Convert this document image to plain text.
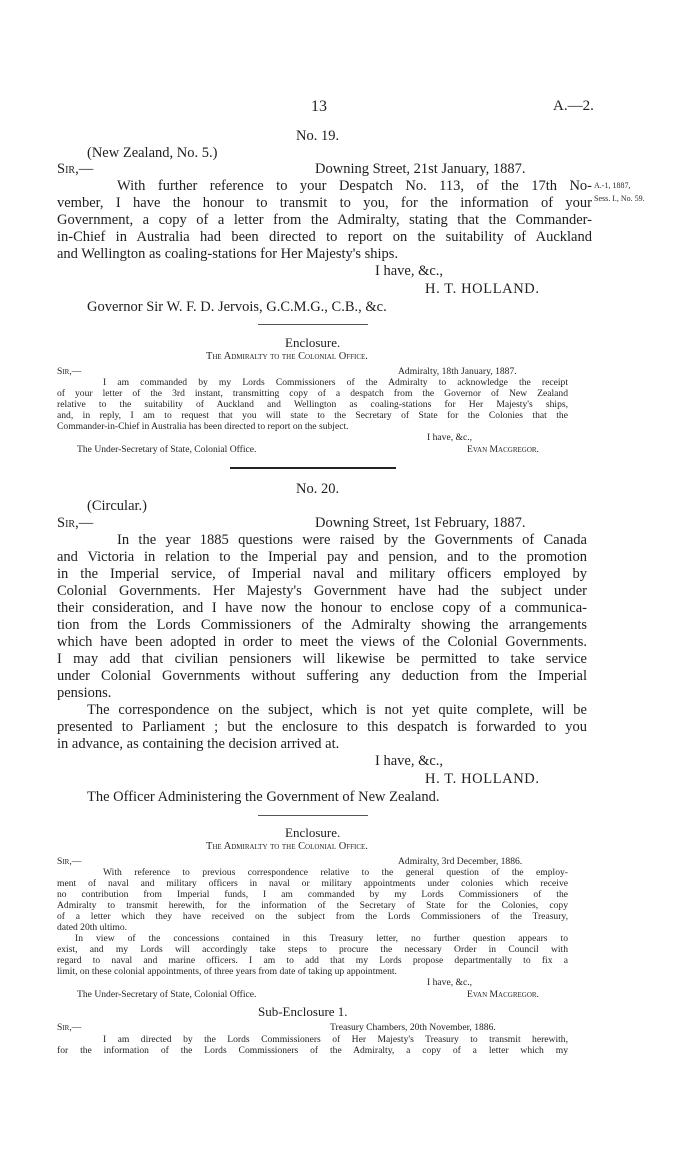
13	A.—2.
No. 19.
(New Zealand, No. 5.)
Sir,—	Downing Street, 21st January, 1887.
With further reference to your Despatch No. 113, of the 17th No-
vember, I have the honour to transmit to you, for the information of your
Government, a copy of a letter from the Admiralty, stating that the Commander-
in-Chief in Australia had been directed to report on the suitability of Auckland
and Wellington as coaling-stations for Her Majesty's ships.
A.-1, 1887,
Sess. I., No. 59.
I have, &c.,
H. T. HOLLAND.
Governor Sir W. F. D. Jervois, G.C.M.G., C.B., &c.
Enclosure.
The Admiralty to the Colonial Office.
Sir,—	Admiralty, 18th January, 1887.
I am commanded by my Lords Commissioners of the Admiralty to acknowledge the receipt
of your letter of the 3rd instant, transmitting copy of a despatch from the Governor of New Zealand
relative to the suitability of Auckland and Wellington as coaling-stations for Her Majesty's ships,
and, in reply, I am to request that you will state to the Secretary of State for the Colonies that the
Commander-in-Chief in Australia has been directed to report on the subject.
I have, &c.,
The Under-Secretary of State, Colonial Office.	Evan Macgregor.
No. 20.
(Circular.)
Sir,—	Downing Street, 1st February, 1887.
In the year 1885 questions were raised by the Governments of Canada
and Victoria in relation to the Imperial pay and pension, and to the promotion
in the Imperial service, of Imperial naval and military officers employed by
Colonial Governments. Her Majesty's Government have had the subject under
their consideration, and I have now the honour to enclose copy of a communica-
tion from the Lords Commissioners of the Admiralty showing the arrangements
which have been adopted in order to meet the views of the Colonial Governments.
I may add that civilian pensioners will likewise be permitted to take service
under Colonial Governments without suffering any deduction from the Imperial
pensions.
The correspondence on the subject, which is not yet quite complete, will be
presented to Parliament ; but the enclosure to this despatch is forwarded to you
in advance, as containing the decision arrived at.
I have, &c.,
H. T. HOLLAND.
The Officer Administering the Government of New Zealand.
Enclosure.
The Admiralty to the Colonial Office.
Sir,—	Admiralty, 3rd December, 1886.
With reference to previous correspondence relative to the general question of the employ-
ment of naval and military officers in naval or military appointments under colonies which receive
no contribution from Imperial funds, I am commanded by my Lords Commissioners of the
Admiralty to transmit herewith, for the information of the Secretary of State for the Colonies, copy
of a letter which they have received on the subject from the Lords Commissioners of the Treasury,
dated 20th ultimo.
In view of the concessions contained in this Treasury letter, no further question appears to
exist, and my Lords will accordingly take steps to procure the necessary Order in Council with
regard to naval and marine officers. I am to add that my Lords propose departmentally to fix a
limit, on these colonial appointments, of three years from date of taking up appointment.
I have, &c.,
The Under-Secretary of State, Colonial Office.	Evan Macgregor.
Sub-Enclosure 1.
Sir,—	Treasury Chambers, 20th November, 1886.
I am directed by the Lords Commissioners of Her Majesty's Treasury to transmit herewith,
for the information of the Lords Commissioners of the Admiralty, a copy of a letter which my
